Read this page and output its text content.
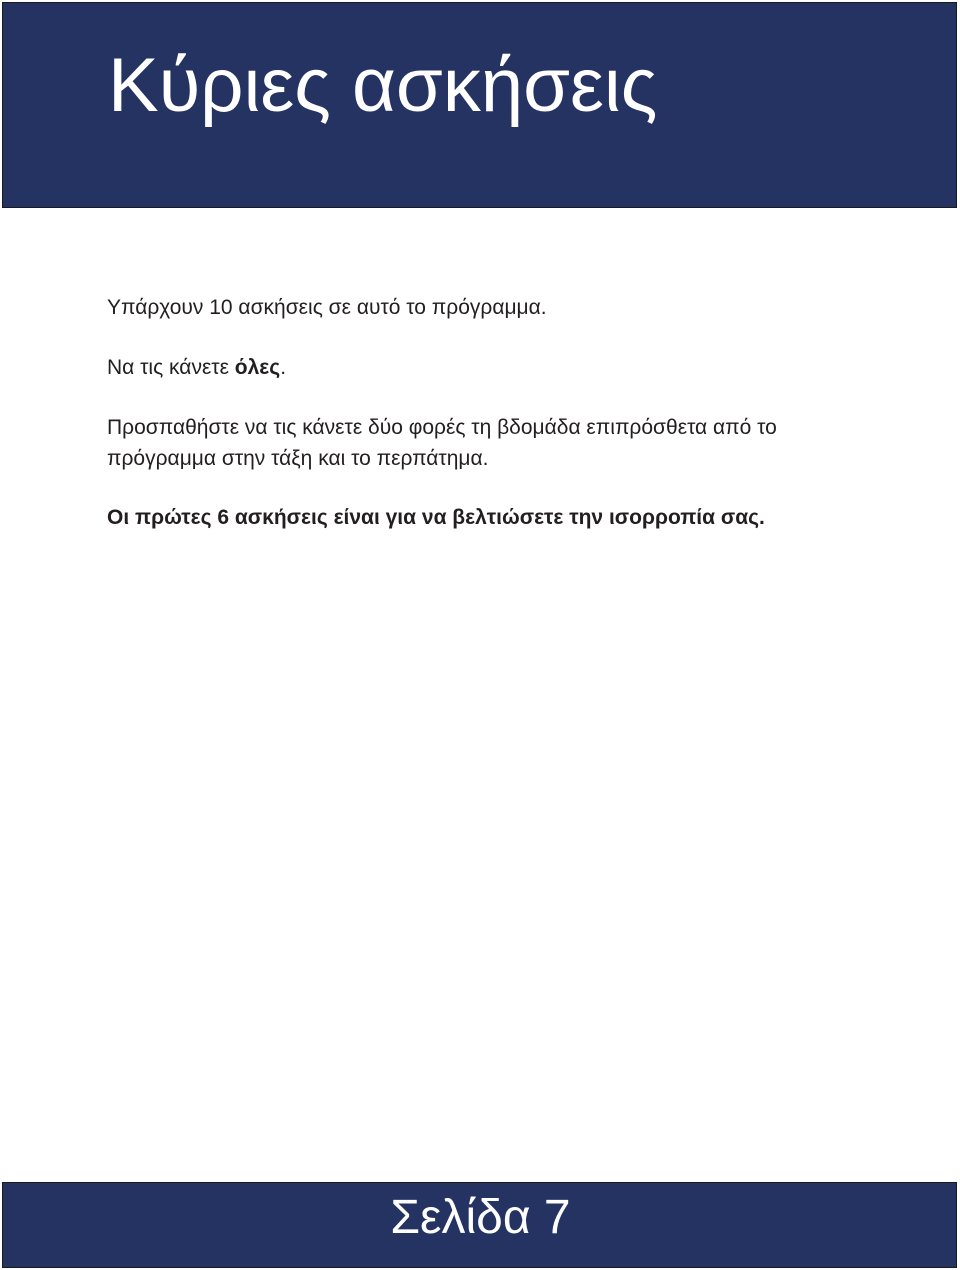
Κύριες ασκήσεις

Υπάρχουν 10 ασκήσεις σε αυτό το πρόγραμμα.

Να τις κάνετε όλες.

Προσπαθήστε να τις κάνετε δύο φορές τη βδομάδα επιπρόσθετα από το πρόγραμμα στην τάξη και το περπάτημα.

Οι πρώτες 6 ασκήσεις είναι για να βελτιώσετε την ισορροπία σας.

Σελίδα 7
